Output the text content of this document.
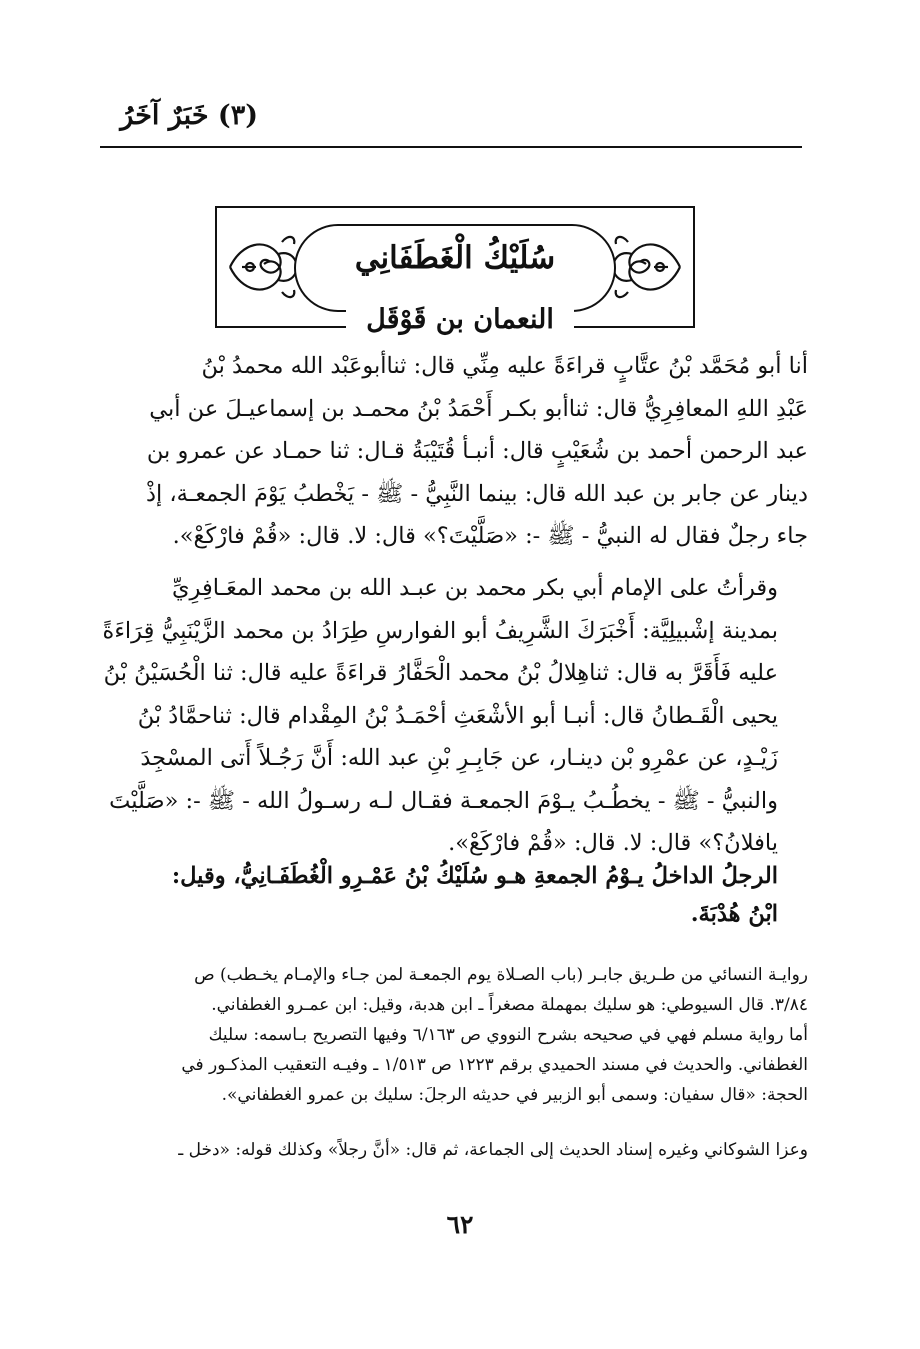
(٣) خَبَرٌ آخَرُ
سُلَيْكُ الْغَطَفَانِي
النعمان بن قَوْقَل
أنا أبو مُحَمَّد بْنُ عتَّابٍ قراءَةً عليه مِنِّي قال: ثناأبوعَبْد الله محمدُ بْنُ
عَبْدِ اللهِ المعافِرِيُّ قال: ثناأبو بكـر أَحْمَدُ بْنُ محمـد بن إسماعيـلَ عن أبي
عبد الرحمن أحمد بن شُعَيْبٍ قال: أنبـأ قُتَيْبَةُ قـال: ثنا حمـاد عن عمرو بن
دينار عن جابر بن عبد الله قال: بينما النَّبِيُّ - ﷺ - يَخْطبُ يَوْمَ الجمعـة، إذْ
جاء رجلٌ فقال له النبيُّ - ﷺ -: «صَلَّيْتَ؟» قال: لا. قال: «قُمْ فارْكَعْ».
وقرأتُ على الإمام أبي بكر محمد بن عبـد الله بن محمد المعَـافِرِيِّ
بمدينة إشْبيلِيَّة: أَخْبَرَكَ الشَّرِيفُ أبو الفوارسِ طِرَادُ بن محمد الزَّيْنَبِيُّ قِرَاءَةً
عليه فَأَقَرَّ به قال: ثناهِلالُ بْنُ محمد الْحَفَّارُ قراءَةً عليه قال: ثنا الْحُسَيْنُ بْنُ
يحيى الْقَـطانُ قال: أنبـا أبو الأشْعَثِ أحْمَـدُ بْنُ المِقْدام قال: ثناحمَّادُ بْنُ
زَيْـدٍ، عن عمْرِو بْن دينـار، عن جَابِـرِ بْنِ عبد الله: أَنَّ رَجُـلاً أَتى المسْجِدَ
والنبيُّ - ﷺ - يخطُـبُ يـوْمَ الجمعـة فقـال لـه رسـولُ الله - ﷺ -: «صَلَّيْتَ
يافلانُ؟» قال: لا. قال: «قُمْ فارْكَعْ».
الرجلُ الداخلُ يـوْمُ الجمعةِ هـو سُلَيْكُ بْنُ عَمْـرِو الْغُطَفَـانِيُّ، وقيل:
ابْنُ هُدْبَةَ.
روايـة النسائي من طـريق جابـر (باب الصـلاة يوم الجمعـة لمن جـاء والإمـام يخـطب) ص
٣/٨٤. قال السيوطي: هو سليك بمهملة مصغراً ـ ابن هدبة، وقيل: ابن عمـرو الغطفاني.
أما رواية مسلم فهي في صحيحه بشرح النووي ص ٦/١٦٣ وفيها التصريح بـاسمه: سليك
الغطفاني. والحديث في مسند الحميدي برقم ١٢٢٣ ص ١/٥١٣ ـ وفيـه التعقيب المذكـور في
الحجة: «قال سفيان: وسمى أبو الزبير في حديثه الرجلَ: سليك بن عمرو الغطفاني».
وعزا الشوكاني وغيره إسناد الحديث إلى الجماعة، ثم قال: «أنَّ رجلاً» وكذلك قوله: «دخل ـ
٦٢
